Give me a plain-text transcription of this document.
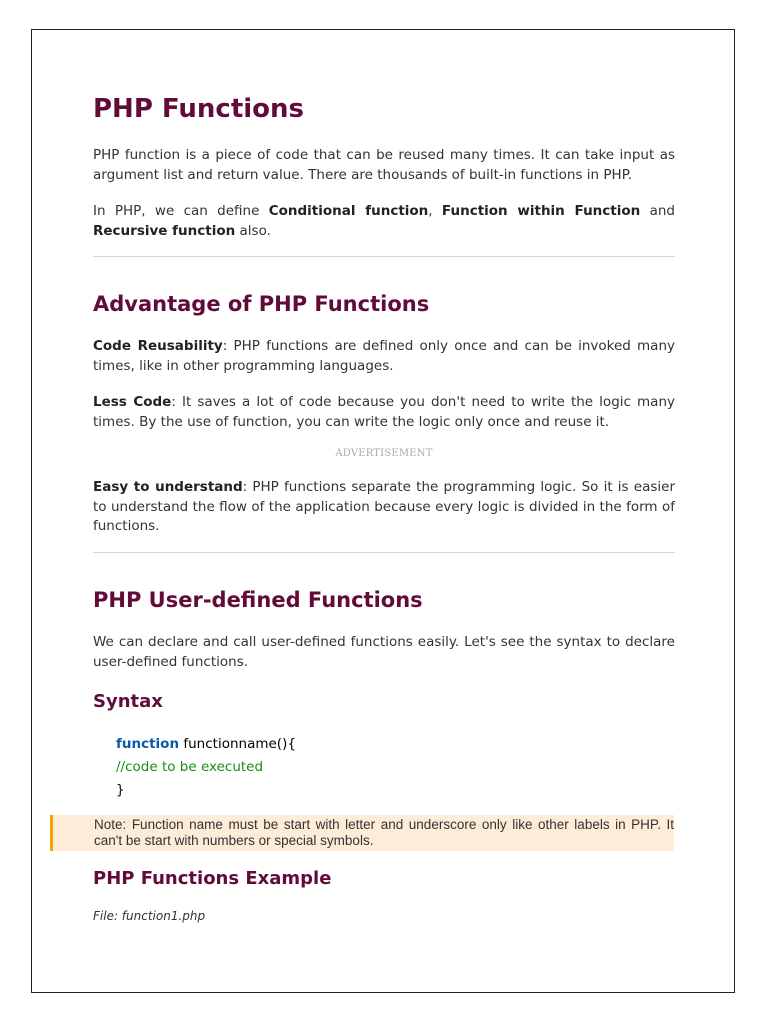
PHP Functions

PHP function is a piece of code that can be reused many times. It can take input as argument list and return value. There are thousands of built-in functions in PHP.

In PHP, we can define Conditional function, Function within Function and Recursive function also.

Advantage of PHP Functions

Code Reusability: PHP functions are defined only once and can be invoked many times, like in other programming languages.

Less Code: It saves a lot of code because you don't need to write the logic many times. By the use of function, you can write the logic only once and reuse it.

ADVERTISEMENT

Easy to understand: PHP functions separate the programming logic. So it is easier to understand the flow of the application because every logic is divided in the form of functions.

PHP User-defined Functions

We can declare and call user-defined functions easily. Let's see the syntax to declare user-defined functions.

Syntax
function functionname(){
//code to be executed
}
Note: Function name must be start with letter and underscore only like other labels in PHP. It can't be start with numbers or special symbols.
PHP Functions Example
File: function1.php
